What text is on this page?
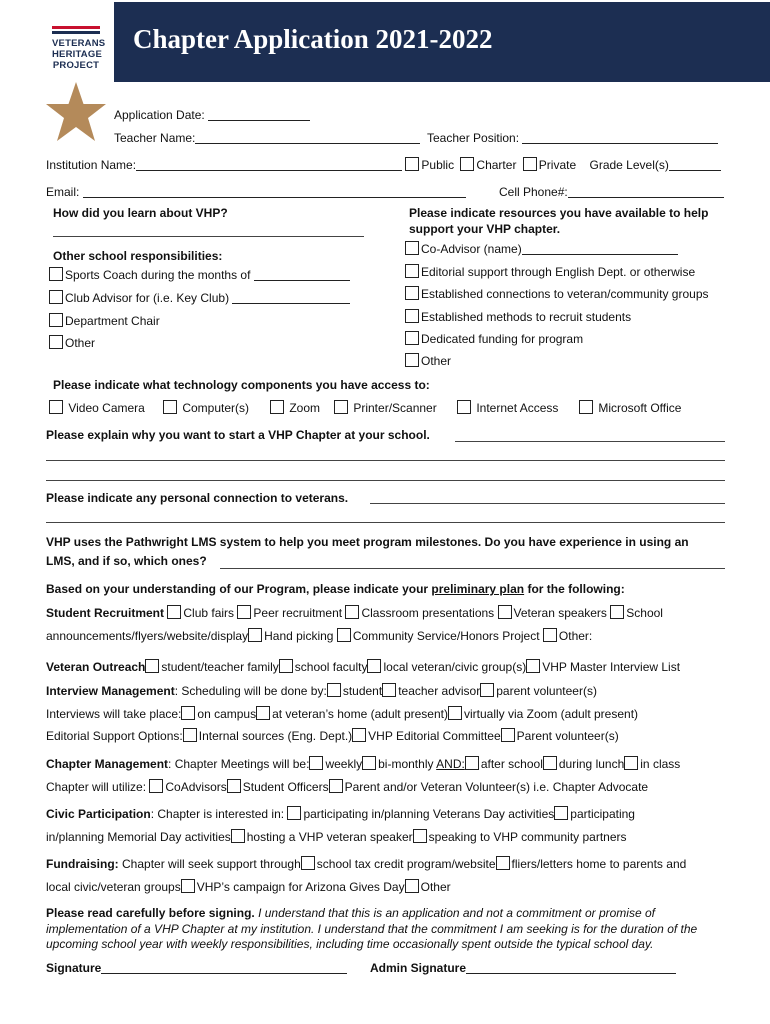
Chapter Application 2021-2022
VETERANS
HERITAGE
PROJECT
Application Date:
Teacher Name:	Teacher Position:
Institution Name:	Public Charter Private Grade Level(s)
Email:	Cell Phone#:
How did you learn about VHP?
Other school responsibilities:
Sports Coach during the months of
Club Advisor for (i.e. Key Club)
Department Chair
Other
Please indicate resources you have available to help
support your VHP chapter.
Co-Advisor (name)
Editorial support through English Dept. or otherwise
Established connections to veteran/community groups
Established methods to recruit students
Dedicated funding for program
Other
Please indicate what technology components you have access to:
Video Camera	Computer(s)	Zoom	Printer/Scanner	Internet Access	Microsoft Office
Please explain why you want to start a VHP Chapter at your school.
Please indicate any personal connection to veterans.
VHP uses the Pathwright LMS system to help you meet program milestones. Do you have experience in using an
LMS, and if so, which ones?
Based on your understanding of our Program, please indicate your preliminary plan for the following:
Student Recruitment Club fairs Peer recruitment Classroom presentations Veteran speakers School
announcements/flyers/website/display Hand picking Community Service/Honors Project Other:
Veteran Outreach student/teacher family school faculty local veteran/civic group(s) VHP Master Interview List
Interview Management: Scheduling will be done by: student teacher advisor parent volunteer(s)
Interviews will take place: on campus at veteran’s home (adult present) virtually via Zoom (adult present)
Editorial Support Options: Internal sources (Eng. Dept.) VHP Editorial Committee Parent volunteer(s)
Chapter Management: Chapter Meetings will be: weekly bi-monthly AND: after school during lunch in class
Chapter will utilize: CoAdvisors Student Officers Parent and/or Veteran Volunteer(s) i.e. Chapter Advocate
Civic Participation: Chapter is interested in: participating in/planning Veterans Day activities participating
in/planning Memorial Day activities hosting a VHP veteran speaker speaking to VHP community partners
Fundraising: Chapter will seek support through school tax credit program/website fliers/letters home to parents and
local civic/veteran groups VHP’s campaign for Arizona Gives Day Other
Please read carefully before signing. I understand that this is an application and not a commitment or promise of implementation of a VHP Chapter at my institution. I understand that the commitment I am seeking is for the duration of the upcoming school year with weekly responsibilities, including time occasionally spent outside the typical school day.
Signature	Admin Signature
